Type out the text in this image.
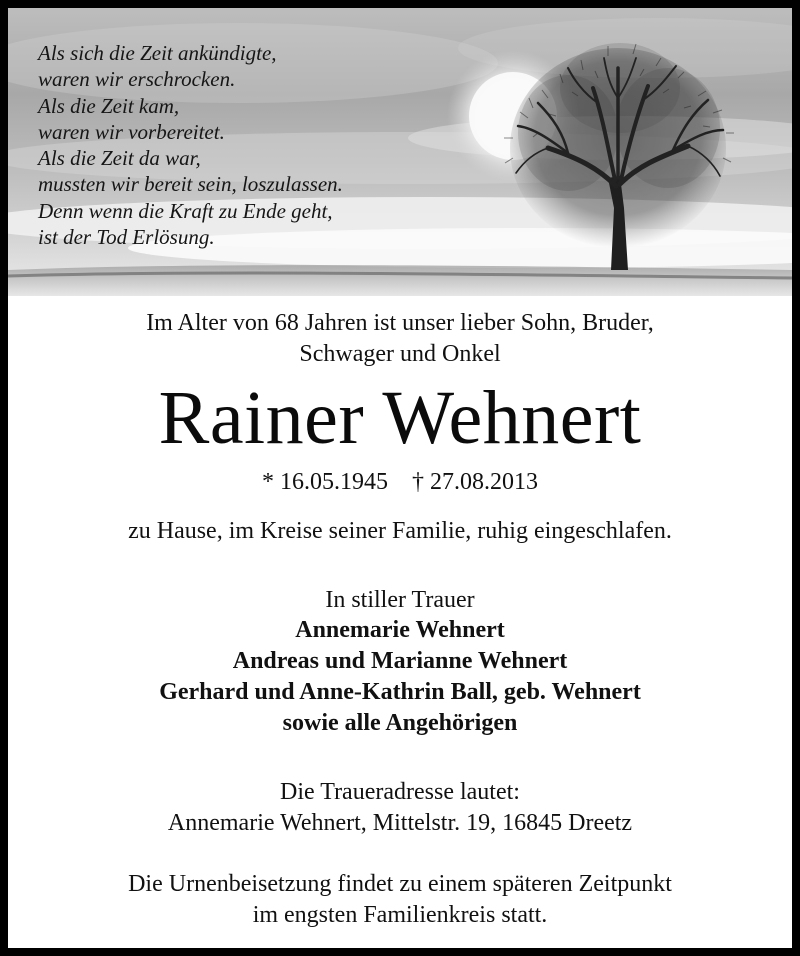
Als sich die Zeit ankündigte,
waren wir erschrocken.
Als die Zeit kam,
waren wir vorbereitet.
Als die Zeit da war,
mussten wir bereit sein, loszulassen.
Denn wenn die Kraft zu Ende geht,
ist der Tod Erlösung.

Im Alter von 68 Jahren ist unser lieber Sohn, Bruder,
Schwager und Onkel

Rainer Wehnert

* 16.05.1945 † 27.08.2013

zu Hause, im Kreise seiner Familie, ruhig eingeschlafen.

In stiller Trauer

Annemarie Wehnert
Andreas und Marianne Wehnert
Gerhard und Anne-Kathrin Ball, geb. Wehnert
sowie alle Angehörigen

Die Traueradresse lautet:
Annemarie Wehnert, Mittelstr. 19, 16845 Dreetz

Die Urnenbeisetzung findet zu einem späteren Zeitpunkt
im engsten Familienkreis statt.
